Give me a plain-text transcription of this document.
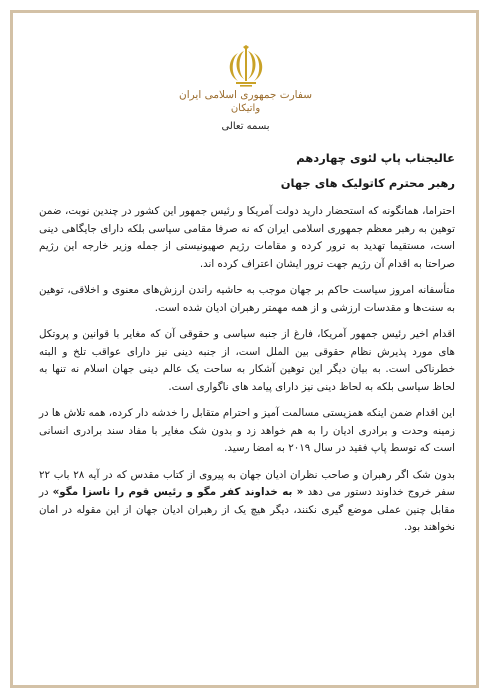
سفارت جمهوری اسلامی ایران
واتیکان
بسمه تعالی
عالیجناب پاپ لئوی چهاردهم
رهبر محترم کاتولیک های جهان

احتراما، همانگونه که استحضار دارید دولت آمریکا و رئیس جمهور این کشور در چندین نوبت، ضمن توهین به رهبر معظم جمهوری اسلامی ایران که نه صرفا مقامی سیاسی بلکه دارای جایگاهی دینی است، مستقیما تهدید به ترور کرده و مقامات رژیم صهیونیستی از جمله وزیر خارجه این رژیم صراحتا به اقدام آن رژیم جهت ترور ایشان اعتراف کرده اند.

متأسفانه امروز سیاست حاکم بر جهان موجب به حاشیه راندن ارزش‌های معنوی و اخلاقی، توهین به سنت‌ها و مقدسات ارزشی و از همه مهمتر رهبران ادیان شده است.

اقدام اخیر رئیس جمهور آمریکا، فارغ از جنبه سیاسی و حقوقی آن که مغایر با قوانین و پروتکل های مورد پذیرش نظام حقوقی بین الملل است، از جنبه دینی نیز دارای عواقب تلخ و البته خطرناکی است. به بیان دیگر این توهین آشکار به ساحت یک عالم دینی جهان اسلام نه تنها به لحاظ سیاسی بلکه به لحاظ دینی نیز دارای پیامد های ناگواری است.

این اقدام ضمن اینکه همزیستی مسالمت آمیز و احترام متقابل را خدشه دار کرده، همه تلاش ها در زمینه وحدت و برادری ادیان را به هم خواهد زد و بدون شک مغایر با مفاد سند برادری انسانی است که توسط پاپ فقید در سال ۲۰۱۹ به امضا رسید.

بدون شک اگر رهبران و صاحب نظران ادیان جهان به پیروی از کتاب مقدس که در آیه ۲۸ باب ۲۲ سفر خروج خداوند دستور می دهد « به خداوند کفر مگو و رئیس قوم را ناسزا مگو» در مقابل چنین عملی موضع گیری نکنند، دیگر هیچ یک از رهبران ادیان جهان از این مقوله در امان نخواهند بود.
